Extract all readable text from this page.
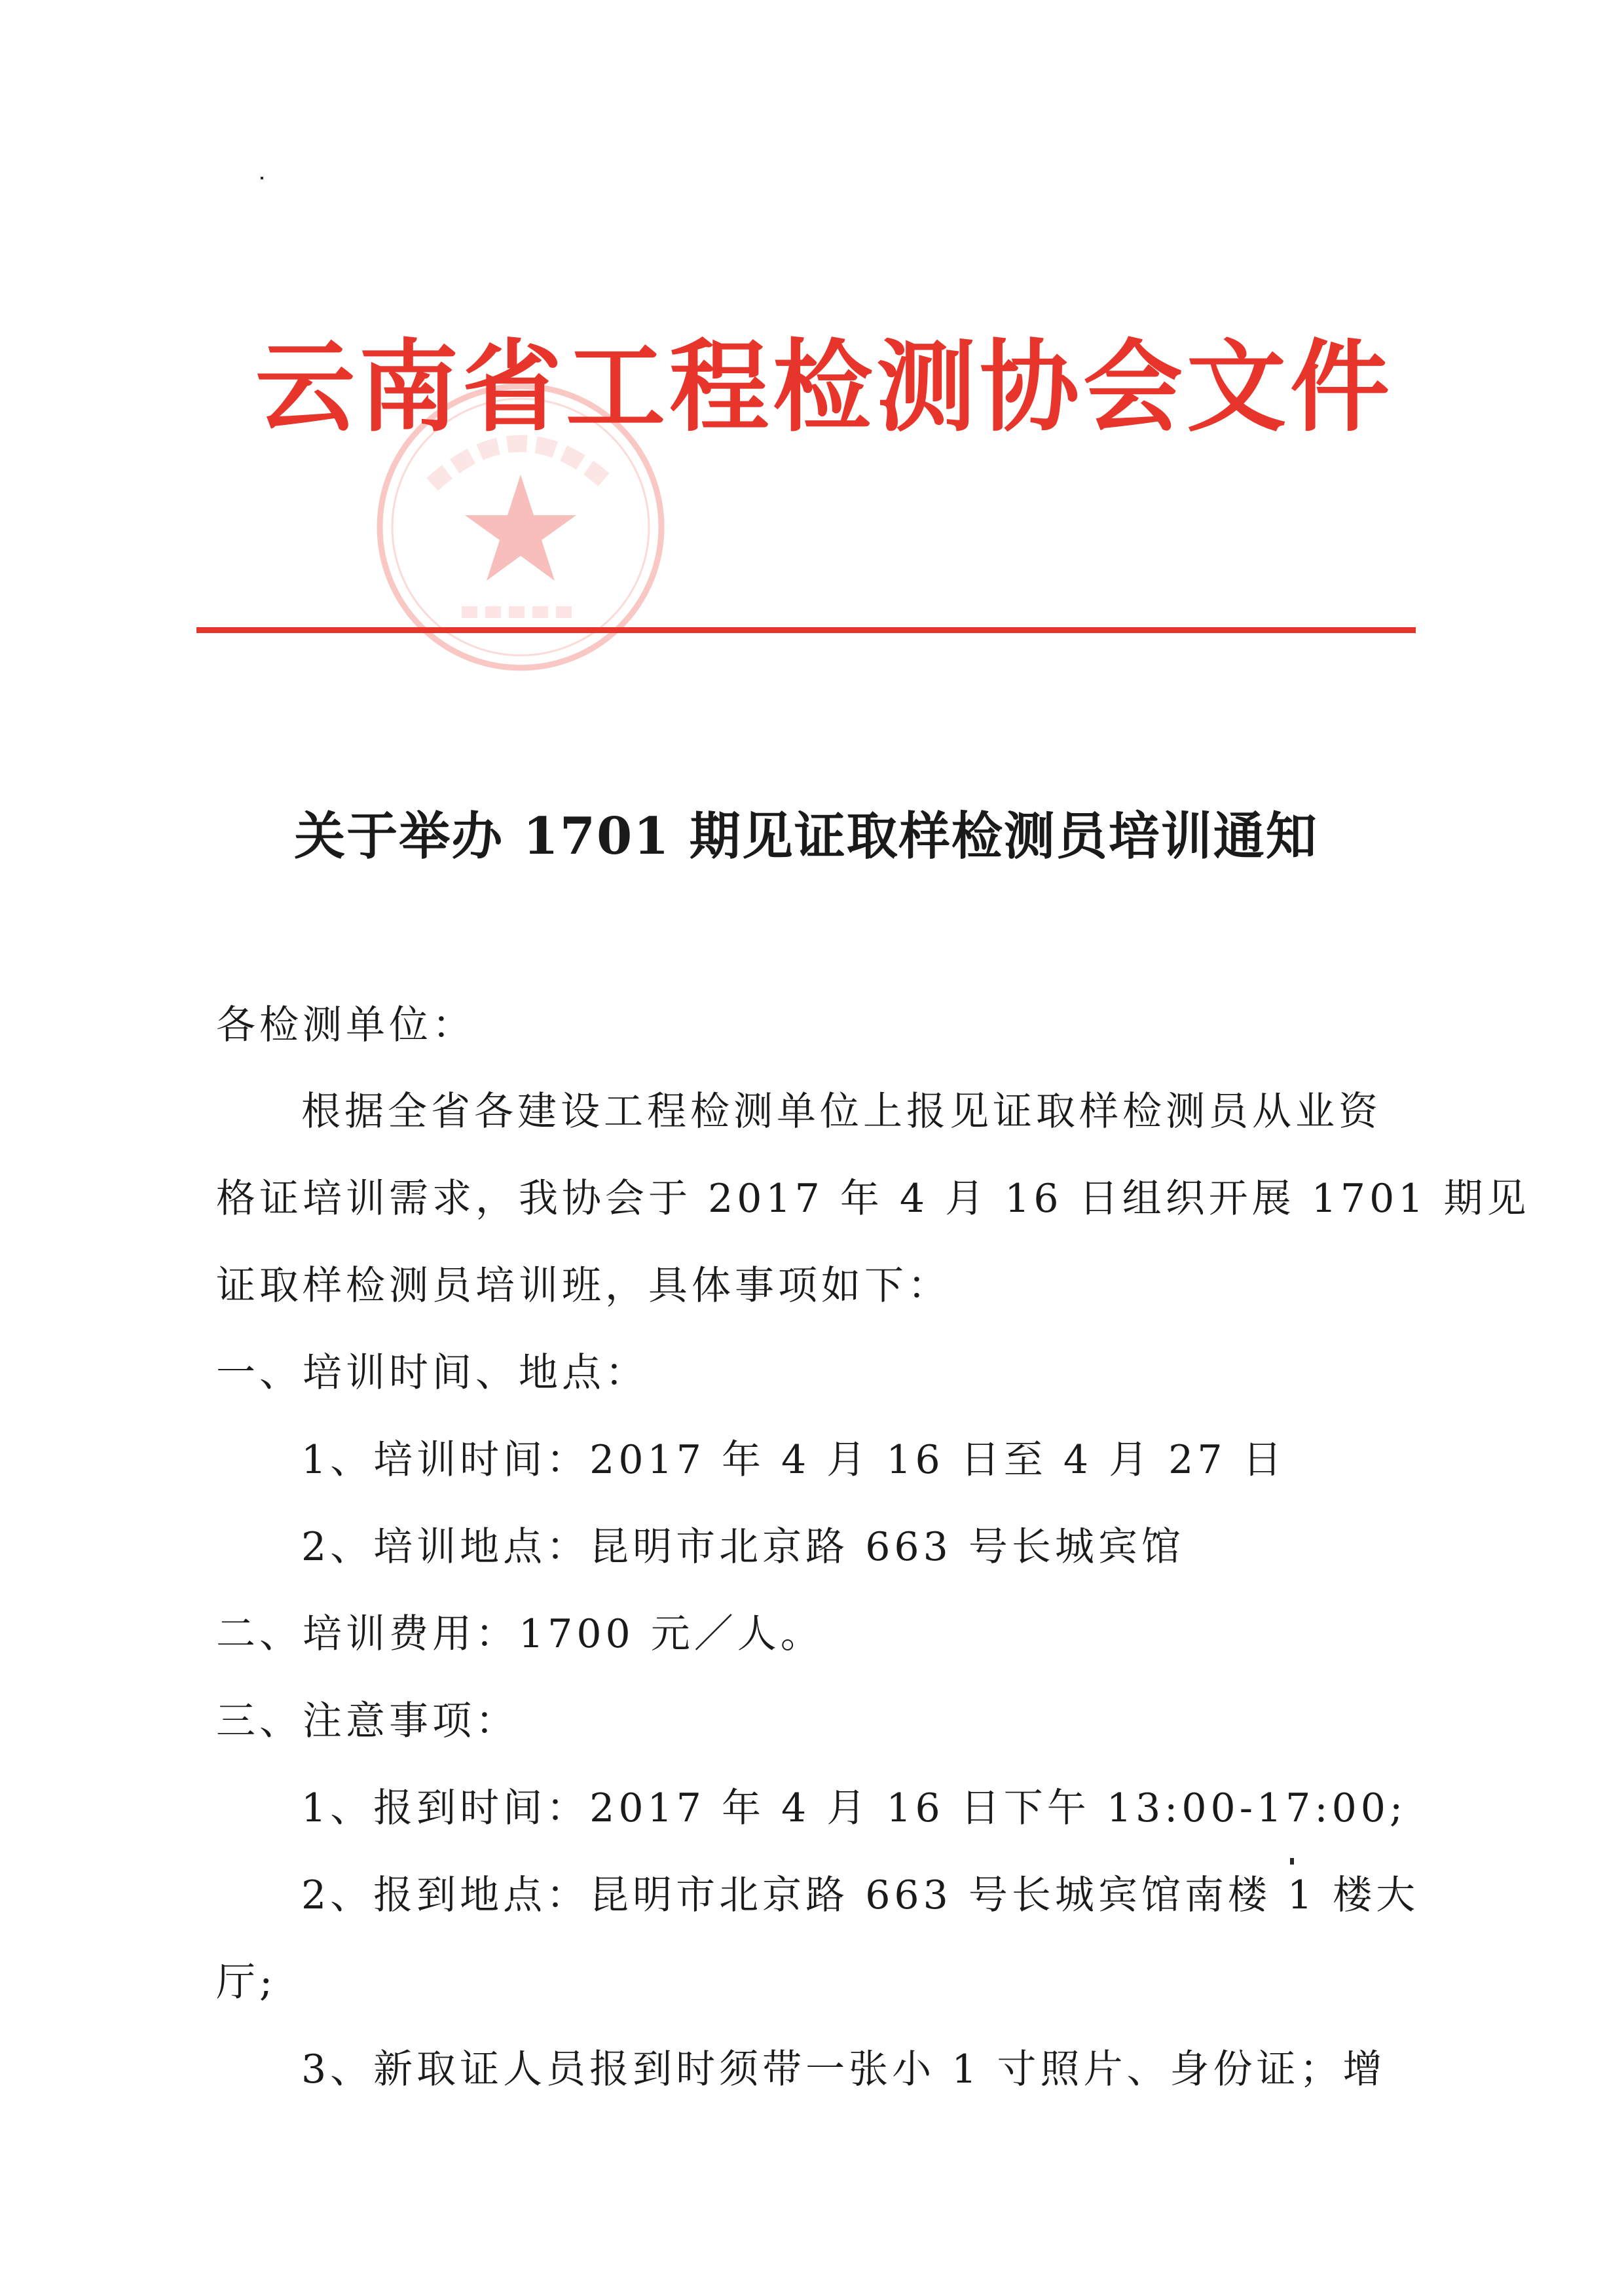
云南省工程检测协会文件
关于举办 1701 期见证取样检测员培训通知
各检测单位：
根据全省各建设工程检测单位上报见证取样检测员从业资
格证培训需求，我协会于 2017 年 4 月 16 日组织开展 1701 期见
证取样检测员培训班，具体事项如下：
一、培训时间、地点：
1、培训时间：2017 年 4 月 16 日至 4 月 27 日
2、培训地点：昆明市北京路 663 号长城宾馆
二、培训费用：1700 元／人。
三、注意事项：
1、报到时间：2017 年 4 月 16 日下午 13:00-17:00;
2、报到地点：昆明市北京路 663 号长城宾馆南楼 1 楼大
厅;
3、新取证人员报到时须带一张小 1 寸照片、身份证；增
